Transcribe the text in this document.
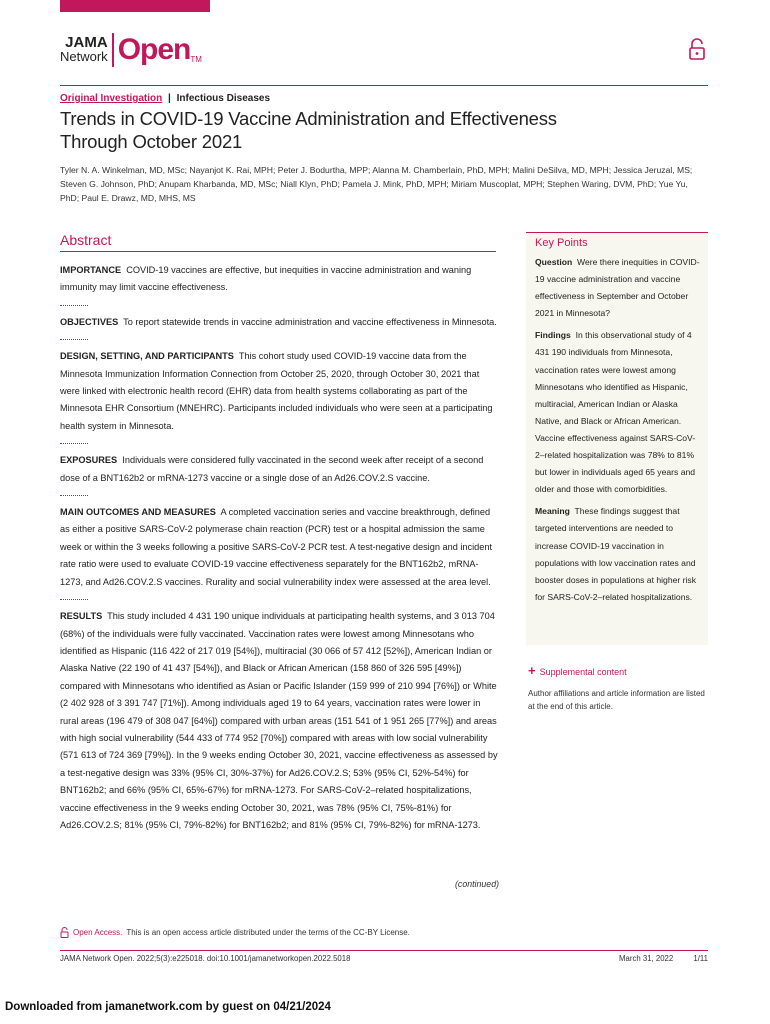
JAMA
Network Open TM
Original Investigation | Infectious Diseases
Trends in COVID-19 Vaccine Administration and Effectiveness Through October 2021
Tyler N. A. Winkelman, MD, MSc; Nayanjot K. Rai, MPH; Peter J. Bodurtha, MPP; Alanna M. Chamberlain, PhD, MPH; Malini DeSilva, MD, MPH; Jessica Jeruzal, MS; Steven G. Johnson, PhD; Anupam Kharbanda, MD, MSc; Niall Klyn, PhD; Pamela J. Mink, PhD, MPH; Miriam Muscoplat, MPH; Stephen Waring, DVM, PhD; Yue Yu, PhD; Paul E. Drawz, MD, MHS, MS
Abstract

IMPORTANCE COVID-19 vaccines are effective, but inequities in vaccine administration and waning immunity may limit vaccine effectiveness.

OBJECTIVES To report statewide trends in vaccine administration and vaccine effectiveness in Minnesota.

DESIGN, SETTING, AND PARTICIPANTS This cohort study used COVID-19 vaccine data from the Minnesota Immunization Information Connection from October 25, 2020, through October 30, 2021 that were linked with electronic health record (EHR) data from health systems collaborating as part of the Minnesota EHR Consortium (MNEHRC). Participants included individuals who were seen at a participating health system in Minnesota.

EXPOSURES Individuals were considered fully vaccinated in the second week after receipt of a second dose of a BNT162b2 or mRNA-1273 vaccine or a single dose of an Ad26.COV.2.S vaccine.

MAIN OUTCOMES AND MEASURES A completed vaccination series and vaccine breakthrough, defined as either a positive SARS-CoV-2 polymerase chain reaction (PCR) test or a hospital admission the same week or within the 3 weeks following a positive SARS-CoV-2 PCR test. A test-negative design and incident rate ratio were used to evaluate COVID-19 vaccine effectiveness separately for the BNT162b2, mRNA-1273, and Ad26.COV.2.S vaccines. Rurality and social vulnerability index were assessed at the area level.

RESULTS This study included 4 431 190 unique individuals at participating health systems, and 3 013 704 (68%) of the individuals were fully vaccinated. Vaccination rates were lowest among Minnesotans who identified as Hispanic (116 422 of 217 019 [54%]), multiracial (30 066 of 57 412 [52%]), American Indian or Alaska Native (22 190 of 41 437 [54%]), and Black or African American (158 860 of 326 595 [49%]) compared with Minnesotans who identified as Asian or Pacific Islander (159 999 of 210 994 [76%]) or White (2 402 928 of 3 391 747 [71%]). Among individuals aged 19 to 64 years, vaccination rates were lower in rural areas (196 479 of 308 047 [64%]) compared with urban areas (151 541 of 1 951 265 [77%]) and areas with high social vulnerability (544 433 of 774 952 [70%]) compared with areas with low social vulnerability (571 613 of 724 369 [79%]). In the 9 weeks ending October 30, 2021, vaccine effectiveness as assessed by a test-negative design was 33% (95% CI, 30%-37%) for Ad26.COV.2.S; 53% (95% CI, 52%-54%) for BNT162b2; and 66% (95% CI, 65%-67%) for mRNA-1273. For SARS-CoV-2–related hospitalizations, vaccine effectiveness in the 9 weeks ending October 30, 2021, was 78% (95% CI, 75%-81%) for Ad26.COV.2.S; 81% (95% CI, 79%-82%) for BNT162b2; and 81% (95% CI, 79%-82%) for mRNA-1273.

(continued)
Key Points

Question Were there inequities in COVID-19 vaccine administration and vaccine effectiveness in September and October 2021 in Minnesota?

Findings In this observational study of 4 431 190 individuals from Minnesota, vaccination rates were lowest among Minnesotans who identified as Hispanic, multiracial, American Indian or Alaska Native, and Black or African American. Vaccine effectiveness against SARS-CoV-2–related hospitalization was 78% to 81% but lower in individuals aged 65 years and older and those with comorbidities.

Meaning These findings suggest that targeted interventions are needed to increase COVID-19 vaccination in populations with low vaccination rates and booster doses in populations at higher risk for SARS-CoV-2–related hospitalizations.

+ Supplemental content
Author affiliations and article information are listed at the end of this article.
Open Access. This is an open access article distributed under the terms of the CC-BY License.
JAMA Network Open. 2022;5(3):e225018. doi:10.1001/jamanetworkopen.2022.5018	March 31, 2022	1/11
Downloaded from jamanetwork.com by guest on 04/21/2024
